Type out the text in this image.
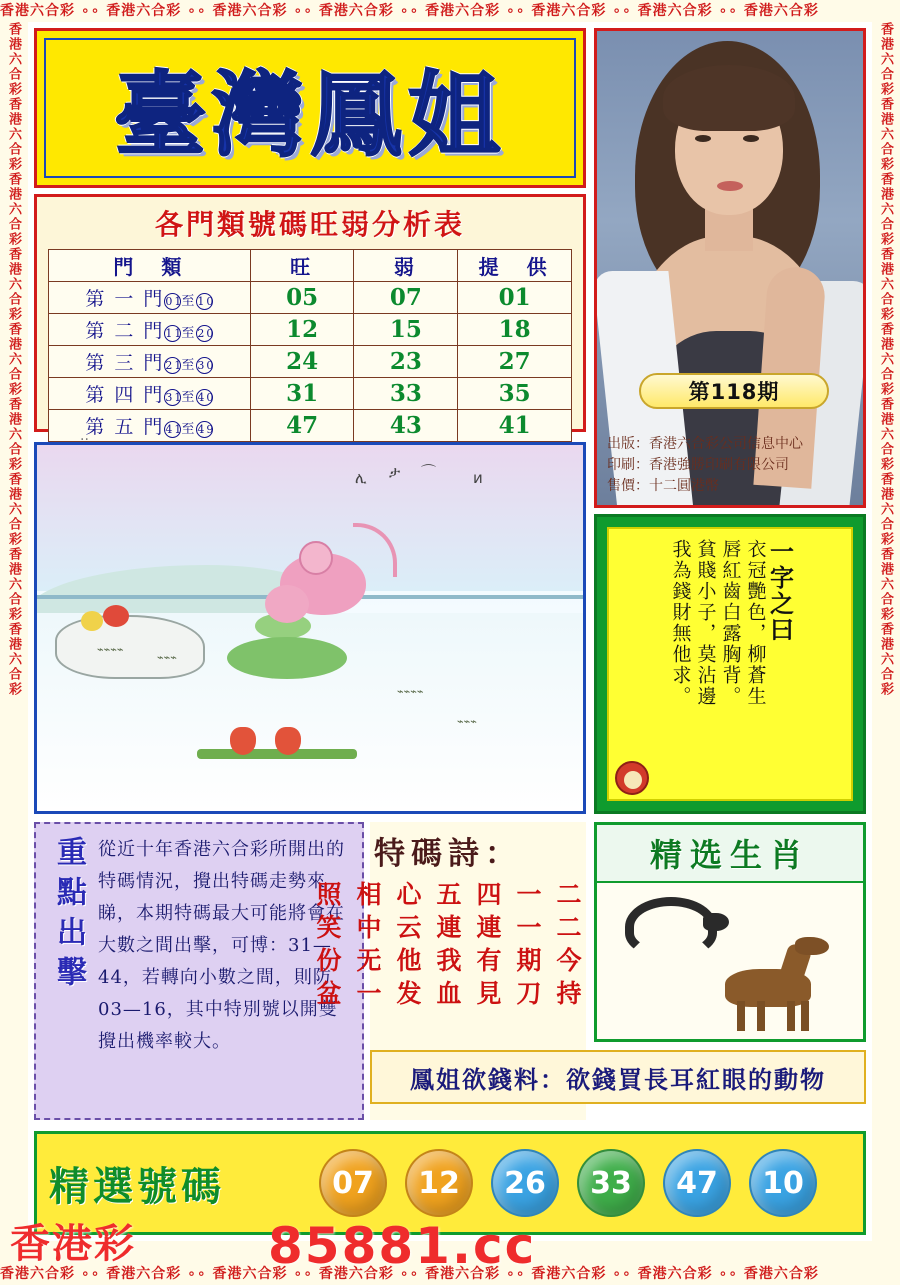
香港六合彩 ∘∘ 香港六合彩 ∘∘ 香港六合彩 ∘∘ 香港六合彩 ∘∘ 香港六合彩 ∘∘ 香港六合彩 ∘∘ 香港六合彩 ∘∘ 香港六合彩
香港六合彩 ∘∘ 香港六合彩 ∘∘ 香港六合彩 ∘∘ 香港六合彩 ∘∘ 香港六合彩 ∘∘ 香港六合彩 ∘∘ 香港六合彩 ∘∘ 香港六合彩
香港六合彩香港六合彩香港六合彩香港六合彩香港六合彩香港六合彩香港六合彩香港六合彩香港六合彩	香港六合彩香港六合彩香港六合彩香港六合彩香港六合彩香港六合彩香港六合彩香港六合彩香港六合彩
臺灣鳳姐
第118期
出版：香港六合彩公司信息中心
印刷：香港強勝印刷有限公司
售價：十二圓港幣
各門類號碼旺弱分析表
門　類	旺	弱	提　供
第 一 門01至10	05	07	01
第 二 門11至20	12	15	18
第 三 門21至30	24	23	27
第 四 門31至40	31	33	35
第 五 門41至49	47	43	41
..
ሊ ታ ⌒ ᴎ
⌁⌁⌁⌁
⌁⌁⌁
⌁⌁⌁⌁
⌁⌁⌁
一字之曰
衣冠艷色，柳蒼生
唇紅齒白露胸背。
貧賤小子，莫沾邊
我為錢財無他求。
重點出擊 從近十年香港六合彩所開出的特碼情況，攪出特碼走勢來睇，本期特碼最大可能將會在大數之間出擊，可博：31—44，若轉向小數之間，則防03—16，其中特別號以開雙攪出機率較大。
特碼詩：
二二今持
一一期刀
四連有見
五連我血
心云他发
相中无一
照笑份盆
精选生肖
鳳姐欲錢料：欲錢買長耳紅眼的動物
精選號碼	07	12	26	33	47	10
香港彩	85881.cc
